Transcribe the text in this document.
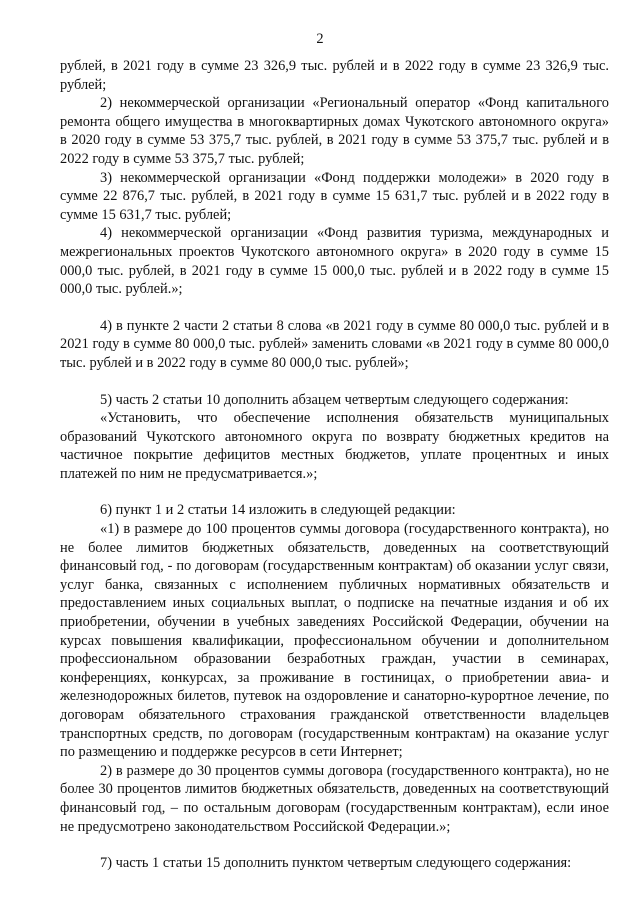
2

рублей, в 2021 году в сумме 23 326,9 тыс. рублей и в 2022 году в сумме 23 326,9 тыс. рублей;

2) некоммерческой организации «Региональный оператор «Фонд капитального ремонта общего имущества в многоквартирных домах Чукотского автономного округа» в 2020 году в сумме 53 375,7 тыс. рублей, в 2021 году в сумме 53 375,7 тыс. рублей и в 2022 году в сумме 53 375,7 тыс. рублей;

3) некоммерческой организации «Фонд поддержки молодежи» в 2020 году в сумме 22 876,7 тыс. рублей, в 2021 году в сумме 15 631,7 тыс. рублей и в 2022 году в сумме 15 631,7 тыс. рублей;

4) некоммерческой организации «Фонд развития туризма, международных и межрегиональных проектов Чукотского автономного округа» в 2020 году в сумме 15 000,0 тыс. рублей, в 2021 году в сумме 15 000,0 тыс. рублей и в 2022 году в сумме 15 000,0 тыс. рублей.»;

4) в пункте 2 части 2 статьи 8 слова «в 2021 году в сумме 80 000,0 тыс. рублей и в 2021 году в сумме 80 000,0 тыс. рублей» заменить словами «в 2021 году в сумме 80 000,0 тыс. рублей и в 2022 году в сумме 80 000,0 тыс. рублей»;

5) часть 2 статьи 10 дополнить абзацем четвертым следующего содержания:

«Установить, что обеспечение исполнения обязательств муниципальных образований Чукотского автономного округа по возврату бюджетных кредитов на частичное покрытие дефицитов местных бюджетов, уплате процентных и иных платежей по ним не предусматривается.»;

6) пункт 1 и 2 статьи 14 изложить в следующей редакции:

«1) в размере до 100 процентов суммы договора (государственного контракта), но не более лимитов бюджетных обязательств, доведенных на соответствующий финансовый год, - по договорам (государственным контрактам) об оказании услуг связи, услуг банка, связанных с исполнением публичных нормативных обязательств и предоставлением иных социальных выплат, о подписке на печатные издания и об их приобретении, обучении в учебных заведениях Российской Федерации, обучении на курсах повышения квалификации, профессиональном обучении и дополнительном профессиональном образовании безработных граждан, участии в семинарах, конференциях, конкурсах, за проживание в гостиницах, о приобретении авиа- и железнодорожных билетов, путевок на оздоровление и санаторно-курортное лечение, по договорам обязательного страхования гражданской ответственности владельцев транспортных средств, по договорам (государственным контрактам) на оказание услуг по размещению и поддержке ресурсов в сети Интернет;

2) в размере до 30 процентов суммы договора (государственного контракта), но не более 30 процентов лимитов бюджетных обязательств, доведенных на соответствующий финансовый год, – по остальным договорам (государственным контрактам), если иное не предусмотрено законодательством Российской Федерации.»;

7) часть 1 статьи 15 дополнить пунктом четвертым следующего содержания:
